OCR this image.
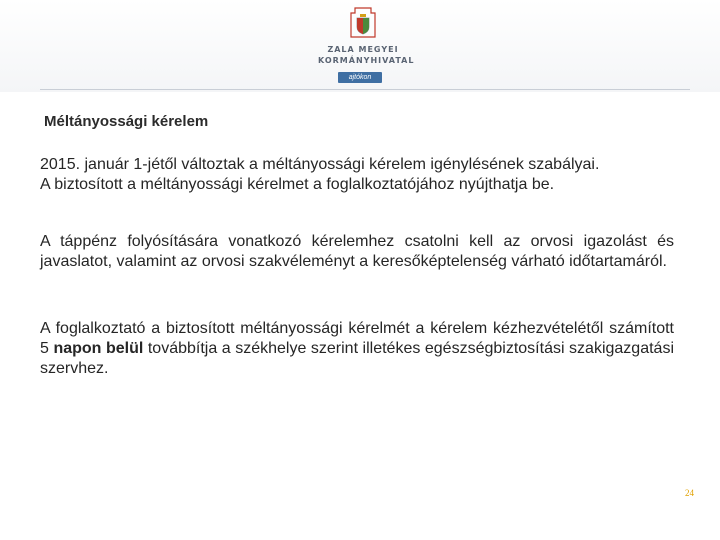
ZALA MEGYEI
KORMÁNYHIVATAL
ajtókon
Méltányossági kérelem
2015. január 1-jétől változtak a méltányossági kérelem igénylésének szabályai.
A biztosított a méltányossági kérelmet a foglalkoztatójához nyújthatja be.

A táppénz folyósítására vonatkozó kérelemhez csatolni kell az orvosi igazolást és javaslatot, valamint az orvosi szakvéleményt a keresőképtelenség várható időtartamáról.

A foglalkoztató a biztosított méltányossági kérelmét a kérelem kézhezvételétől számított 5 napon belül továbbítja a székhelye szerint illetékes egészségbiztosítási szakigazgatási szervhez.

24
